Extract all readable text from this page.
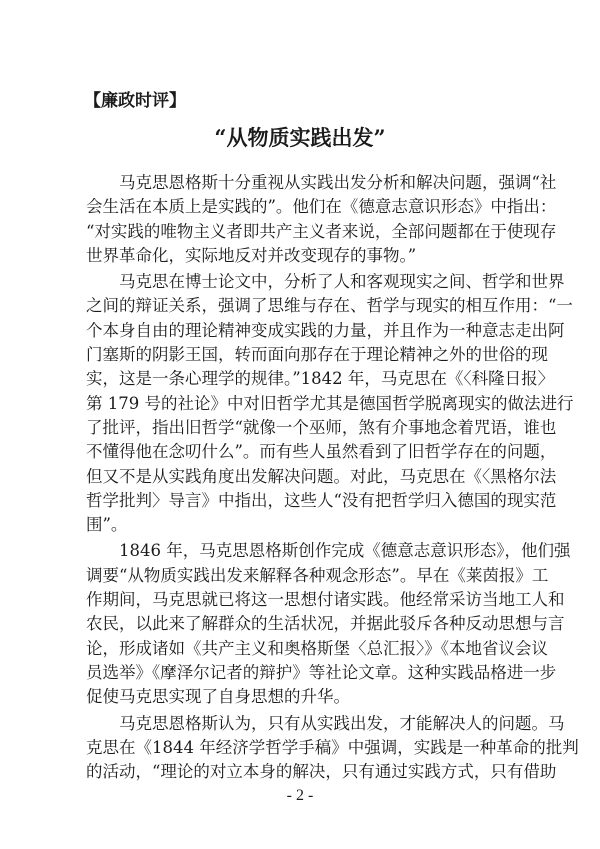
【廉政时评】
“从物质实践出发”
马克思恩格斯十分重视从实践出发分析和解决问题，强调“社
会生活在本质上是实践的”。他们在《德意志意识形态》中指出：
“对实践的唯物主义者即共产主义者来说，全部问题都在于使现存
世界革命化，实际地反对并改变现存的事物。”
马克思在博士论文中，分析了人和客观现实之间、哲学和世界
之间的辩证关系，强调了思维与存在、哲学与现实的相互作用：“一
个本身自由的理论精神变成实践的力量，并且作为一种意志走出阿
门塞斯的阴影王国，转而面向那存在于理论精神之外的世俗的现
实，这是一条心理学的规律。”1842 年，马克思在《〈科隆日报〉
第 179 号的社论》中对旧哲学尤其是德国哲学脱离现实的做法进行
了批评，指出旧哲学“就像一个巫师，煞有介事地念着咒语，谁也
不懂得他在念叨什么”。而有些人虽然看到了旧哲学存在的问题，
但又不是从实践角度出发解决问题。对此，马克思在《〈黑格尔法
哲学批判〉导言》中指出，这些人“没有把哲学归入德国的现实范
围”。
1846 年，马克思恩格斯创作完成《德意志意识形态》，他们强
调要“从物质实践出发来解释各种观念形态”。早在《莱茵报》工
作期间，马克思就已将这一思想付诸实践。他经常采访当地工人和
农民，以此来了解群众的生活状况，并据此驳斥各种反动思想与言
论，形成诸如《共产主义和奥格斯堡〈总汇报〉》《本地省议会议
员选举》《摩泽尔记者的辩护》等社论文章。这种实践品格进一步
促使马克思实现了自身思想的升华。
马克思恩格斯认为，只有从实践出发，才能解决人的问题。马
克思在《1844 年经济学哲学手稿》中强调，实践是一种革命的批判
的活动，“理论的对立本身的解决，只有通过实践方式，只有借助
- 2 -
